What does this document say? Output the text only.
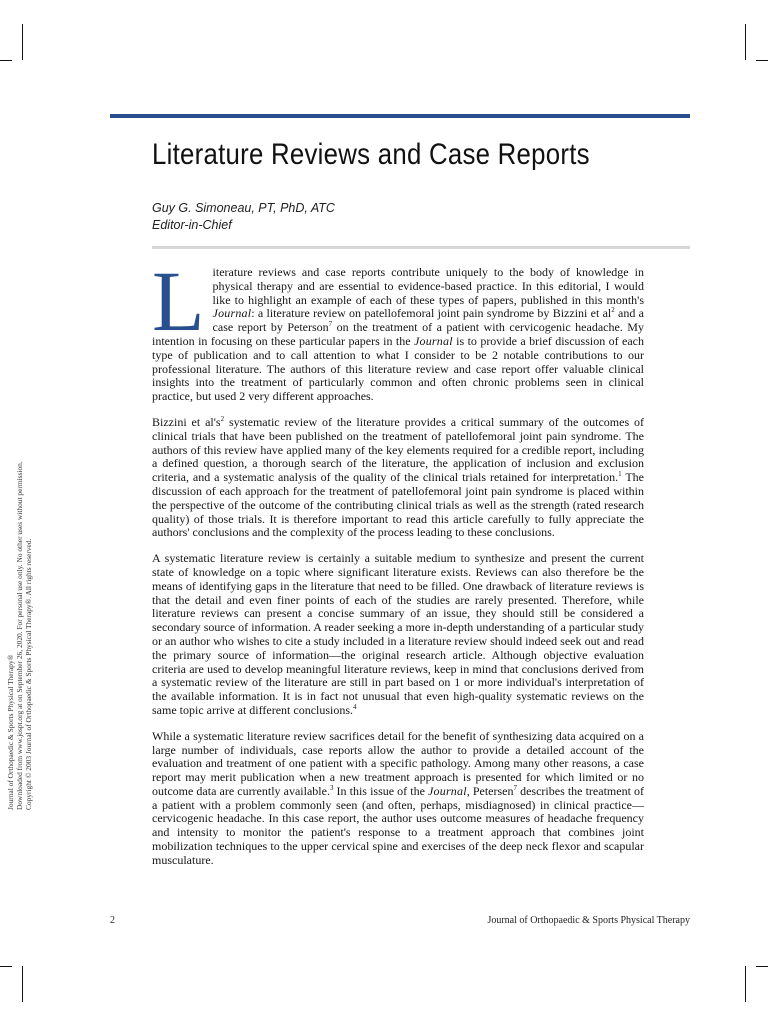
Literature Reviews and Case Reports
Guy G. Simoneau, PT, PhD, ATC
Editor-in-Chief

Literature reviews and case reports contribute uniquely to the body of knowledge in physical therapy and are essential to evidence-based practice. In this editorial, I would like to highlight an example of each of these types of papers, published in this month's Journal: a literature review on patellofemoral joint pain syndrome by Bizzini et $al^2$ and a case report by Peterson$^7$ on the treatment of a patient with cervicogenic headache. My intention in focusing on these particular papers in the Journal is to provide a brief discussion of each type of publication and to call attention to what I consider to be 2 notable contributions to our professional literature. The authors of this literature review and case report offer valuable clinical insights into the treatment of particularly common and often chronic problems seen in clinical practice, but used 2 very different approaches.

Bizzini et $al's^2$ systematic review of the literature provides a critical summary of the outcomes of clinical trials that have been published on the treatment of patellofemoral joint pain syndrome. The authors of this review have applied many of the key elements required for a credible report, including a defined question, a thorough search of the literature, the application of inclusion and exclusion criteria, and a systematic analysis of the quality of the clinical trials retained for interpretation.$^1$ The discussion of each approach for the treatment of patellofemoral joint pain syndrome is placed within the perspective of the outcome of the contributing clinical trials as well as the strength (rated research quality) of those trials. It is therefore important to read this article carefully to fully appreciate the authors' conclusions and the complexity of the process leading to these conclusions.

A systematic literature review is certainly a suitable medium to synthesize and present the current state of knowledge on a topic where significant literature exists. Reviews can also therefore be the means of identifying gaps in the literature that need to be filled. One drawback of literature reviews is that the detail and even finer points of each of the studies are rarely presented. Therefore, while literature reviews can present a concise summary of an issue, they should still be considered a secondary source of information. A reader seeking a more in-depth understanding of a particular study or an author who wishes to cite a study included in a literature review should indeed seek out and read the primary source of information—the original research article. Although objective evaluation criteria are used to develop meaningful literature reviews, keep in mind that conclusions derived from a systematic review of the literature are still in part based on 1 or more individual's interpretation of the available information. It is in fact not unusual that even high-quality systematic reviews on the same topic arrive at different conclusions.$^4$

While a systematic literature review sacrifices detail for the benefit of synthesizing data acquired on a large number of individuals, case reports allow the author to provide a detailed account of the evaluation and treatment of one patient with a specific pathology. Among many other reasons, a case report may merit publication when a new treatment approach is presented for which limited or no outcome data are currently available.$^3$ In this issue of the Journal, Petersen$^7$ describes the treatment of a patient with a problem commonly seen (and often, perhaps, misdiagnosed) in clinical practice—cervicogenic headache. In this case report, the author uses outcome measures of headache frequency and intensity to monitor the patient's response to a treatment approach that combines joint mobilization techniques to the upper cervical spine and exercises of the deep neck flexor and scapular musculature.

Journal of Orthopaedic & Sports Physical Therapy® Downloaded from www.jospt.org at on September 26, 2020. For personal use only. No other uses without permission. Copyright © 2003 Journal of Orthopaedic & Sports Physical Therapy®. All rights reserved.
2	Journal of Orthopaedic & Sports Physical Therapy
